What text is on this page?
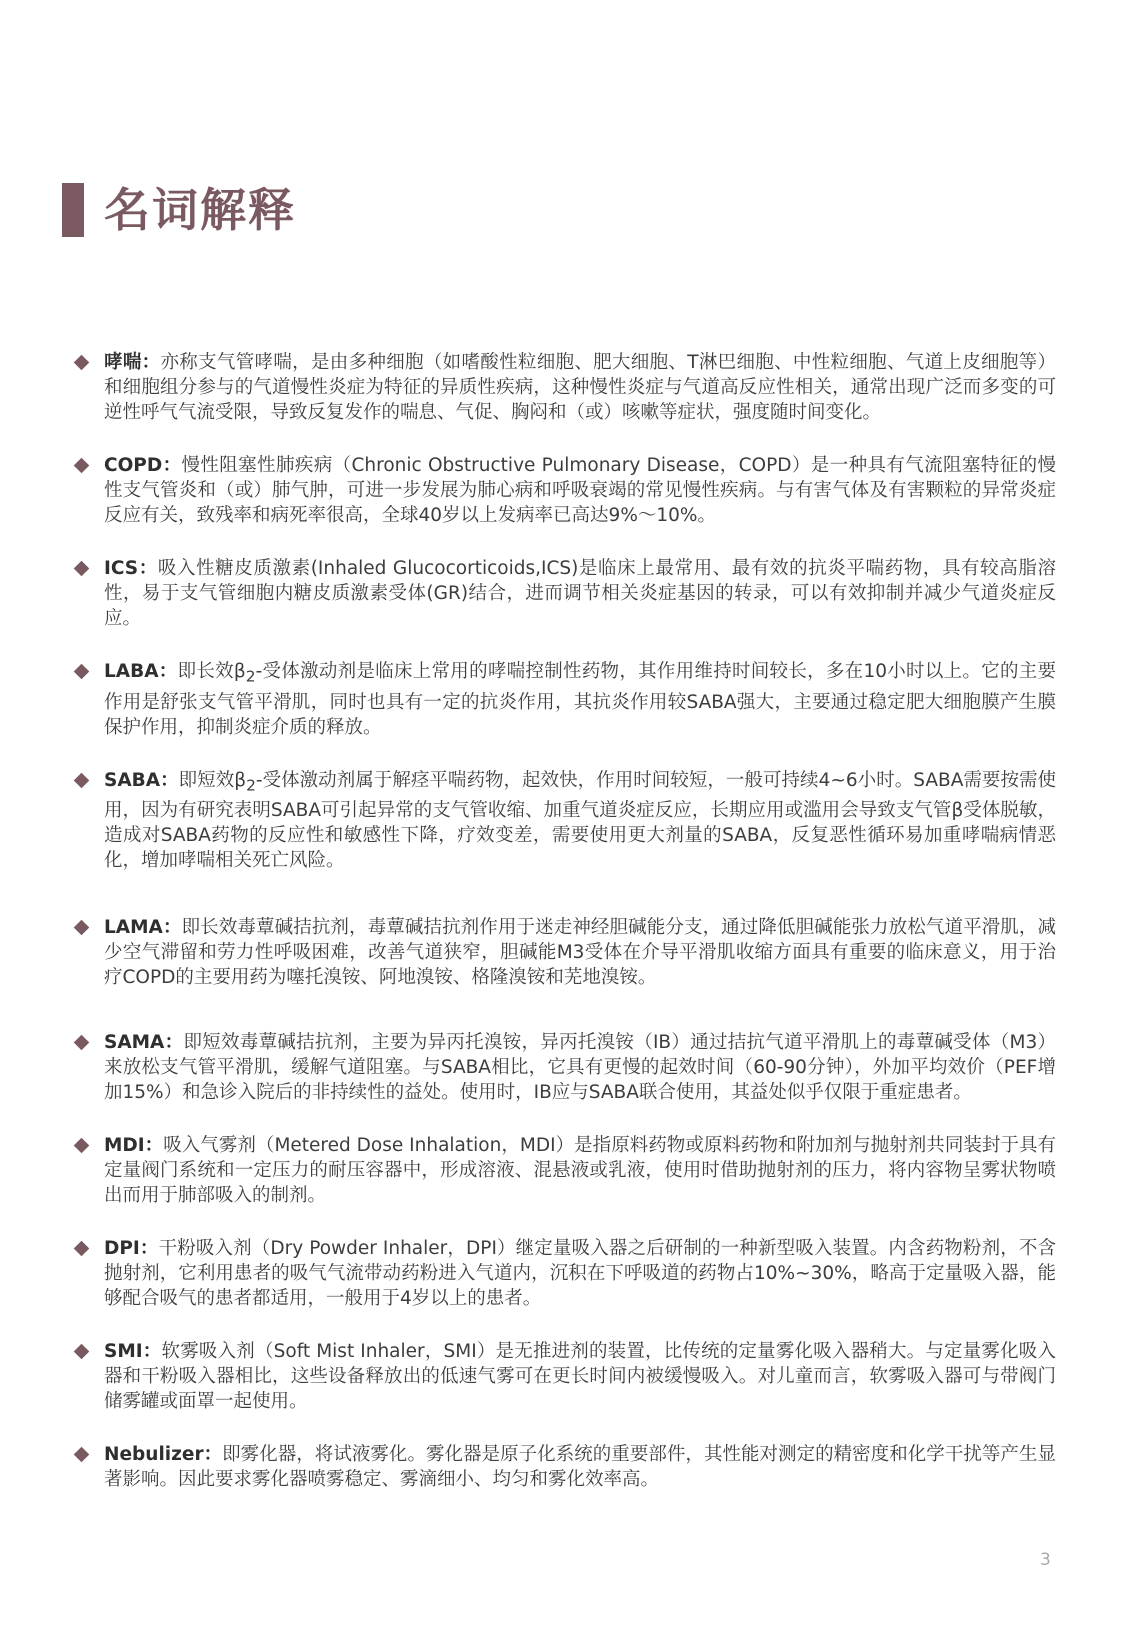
名词解释
哮喘：亦称支气管哮喘，是由多种细胞（如嗜酸性粒细胞、肥大细胞、T淋巴细胞、中性粒细胞、气道上皮细胞等）和细胞组分参与的气道慢性炎症为特征的异质性疾病，这种慢性炎症与气道高反应性相关，通常出现广泛而多变的可逆性呼气气流受限，导致反复发作的喘息、气促、胸闷和（或）咳嗽等症状，强度随时间变化。
COPD：慢性阻塞性肺疾病（Chronic Obstructive Pulmonary Disease，COPD）是一种具有气流阻塞特征的慢性支气管炎和（或）肺气肿，可进一步发展为肺心病和呼吸衰竭的常见慢性疾病。与有害气体及有害颗粒的异常炎症反应有关，致残率和病死率很高，全球40岁以上发病率已高达9%～10%。
ICS：吸入性糖皮质激素(Inhaled Glucocorticoids,ICS)是临床上最常用、最有效的抗炎平喘药物，具有较高脂溶性，易于支气管细胞内糖皮质激素受体(GR)结合，进而调节相关炎症基因的转录，可以有效抑制并减少气道炎症反应。
LABA：即长效$\beta_2-$受体激动剂是临床上常用的哮喘控制性药物，其作用维持时间较长，多在10小时以上。它的主要作用是舒张支气管平滑肌，同时也具有一定的抗炎作用，其抗炎作用较SABA强大，主要通过稳定肥大细胞膜产生膜保护作用，抑制炎症介质的释放。
SABA：即短效$\beta_2-$受体激动剂属于解痉平喘药物，起效快，作用时间较短，一般可持续4~6小时。SABA需要按需使用，因为有研究表明SABA可引起异常的支气管收缩、加重气道炎症反应，长期应用或滥用会导致支气管β受体脱敏，造成对SABA药物的反应性和敏感性下降，疗效变差，需要使用更大剂量的SABA，反复恶性循环易加重哮喘病情恶化，增加哮喘相关死亡风险。
LAMA：即长效毒蕈碱拮抗剂，毒蕈碱拮抗剂作用于迷走神经胆碱能分支，通过降低胆碱能张力放松气道平滑肌，减少空气滞留和劳力性呼吸困难，改善气道狭窄，胆碱能M3受体在介导平滑肌收缩方面具有重要的临床意义，用于治疗COPD的主要用药为噻托溴铵、阿地溴铵、格隆溴铵和芜地溴铵。
SAMA：即短效毒蕈碱拮抗剂，主要为异丙托溴铵，异丙托溴铵（IB）通过拮抗气道平滑肌上的毒蕈碱受体（M3）来放松支气管平滑肌，缓解气道阻塞。与SABA相比，它具有更慢的起效时间（60-90分钟），外加平均效价（PEF增加15%）和急诊入院后的非持续性的益处。使用时，IB应与SABA联合使用，其益处似乎仅限于重症患者。
MDI：吸入气雾剂（Metered Dose Inhalation，MDI）是指原料药物或原料药物和附加剂与抛射剂共同装封于具有定量阀门系统和一定压力的耐压容器中，形成溶液、混悬液或乳液，使用时借助抛射剂的压力，将内容物呈雾状物喷出而用于肺部吸入的制剂。
DPI：干粉吸入剂（Dry Powder Inhaler，DPI）继定量吸入器之后研制的一种新型吸入装置。内含药物粉剂，不含抛射剂，它利用患者的吸气气流带动药粉进入气道内，沉积在下呼吸道的药物占10%~30%，略高于定量吸入器，能够配合吸气的患者都适用，一般用于4岁以上的患者。
SMI：软雾吸入剂（Soft Mist Inhaler，SMI）是无推进剂的装置，比传统的定量雾化吸入器稍大。与定量雾化吸入器和干粉吸入器相比，这些设备释放出的低速气雾可在更长时间内被缓慢吸入。对儿童而言，软雾吸入器可与带阀门储雾罐或面罩一起使用。
Nebulizer：即雾化器，将试液雾化。雾化器是原子化系统的重要部件，其性能对测定的精密度和化学干扰等产生显著影响。因此要求雾化器喷雾稳定、雾滴细小、均匀和雾化效率高。
3
